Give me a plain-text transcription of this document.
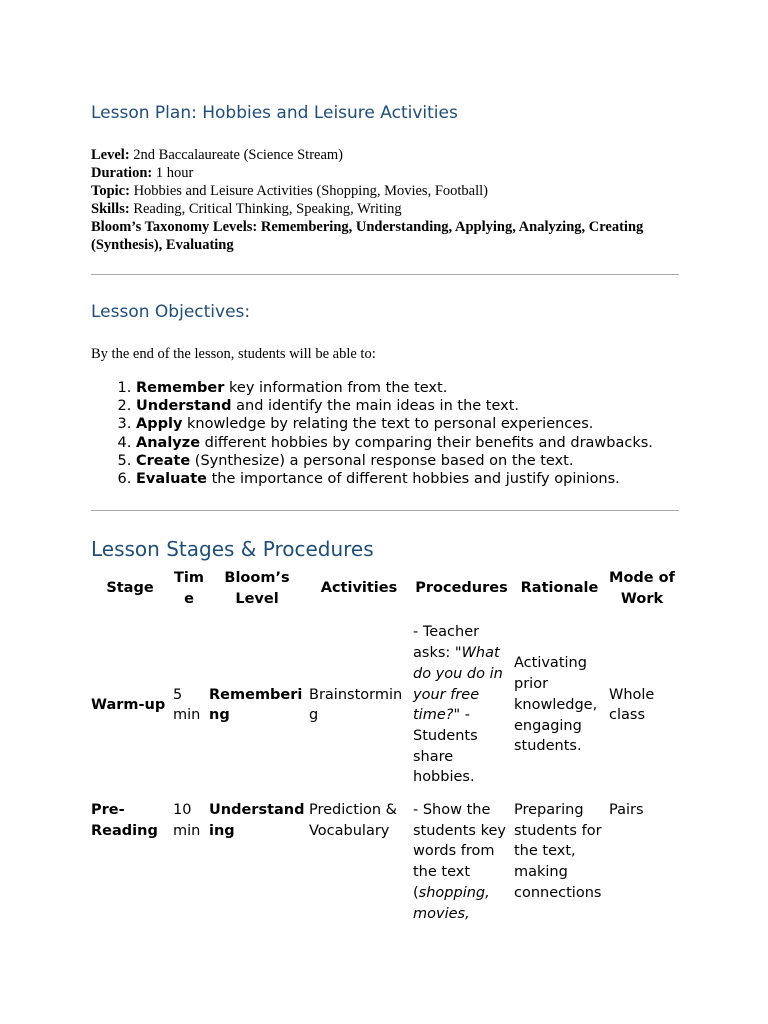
Lesson Plan: Hobbies and Leisure Activities
Level: 2nd Baccalaureate (Science Stream)
Duration: 1 hour
Topic: Hobbies and Leisure Activities (Shopping, Movies, Football)
Skills: Reading, Critical Thinking, Speaking, Writing
Bloom’s Taxonomy Levels: Remembering, Understanding, Applying, Analyzing, Creating (Synthesis), Evaluating
Lesson Objectives:
By the end of the lesson, students will be able to:
1. Remember key information from the text.
2. Understand and identify the main ideas in the text.
3. Apply knowledge by relating the text to personal experiences.
4. Analyze different hobbies by comparing their benefits and drawbacks.
5. Create (Synthesize) a personal response based on the text.
6. Evaluate the importance of different hobbies and justify opinions.
Lesson Stages & Procedures
Stage	Time	Bloom’s Level	Activities	Procedures	Rationale	Mode of Work
Warm-up	5 min	Remembering	Brainstorming	- Teacher asks: "What do you do in your free time?" - Students share hobbies.	Activating prior knowledge, engaging students.	Whole class
Pre-Reading	10 min	Understanding	Prediction & Vocabulary	- Show the students key words from the text (shopping, movies,	Preparing students for the text, making connections	Pairs
